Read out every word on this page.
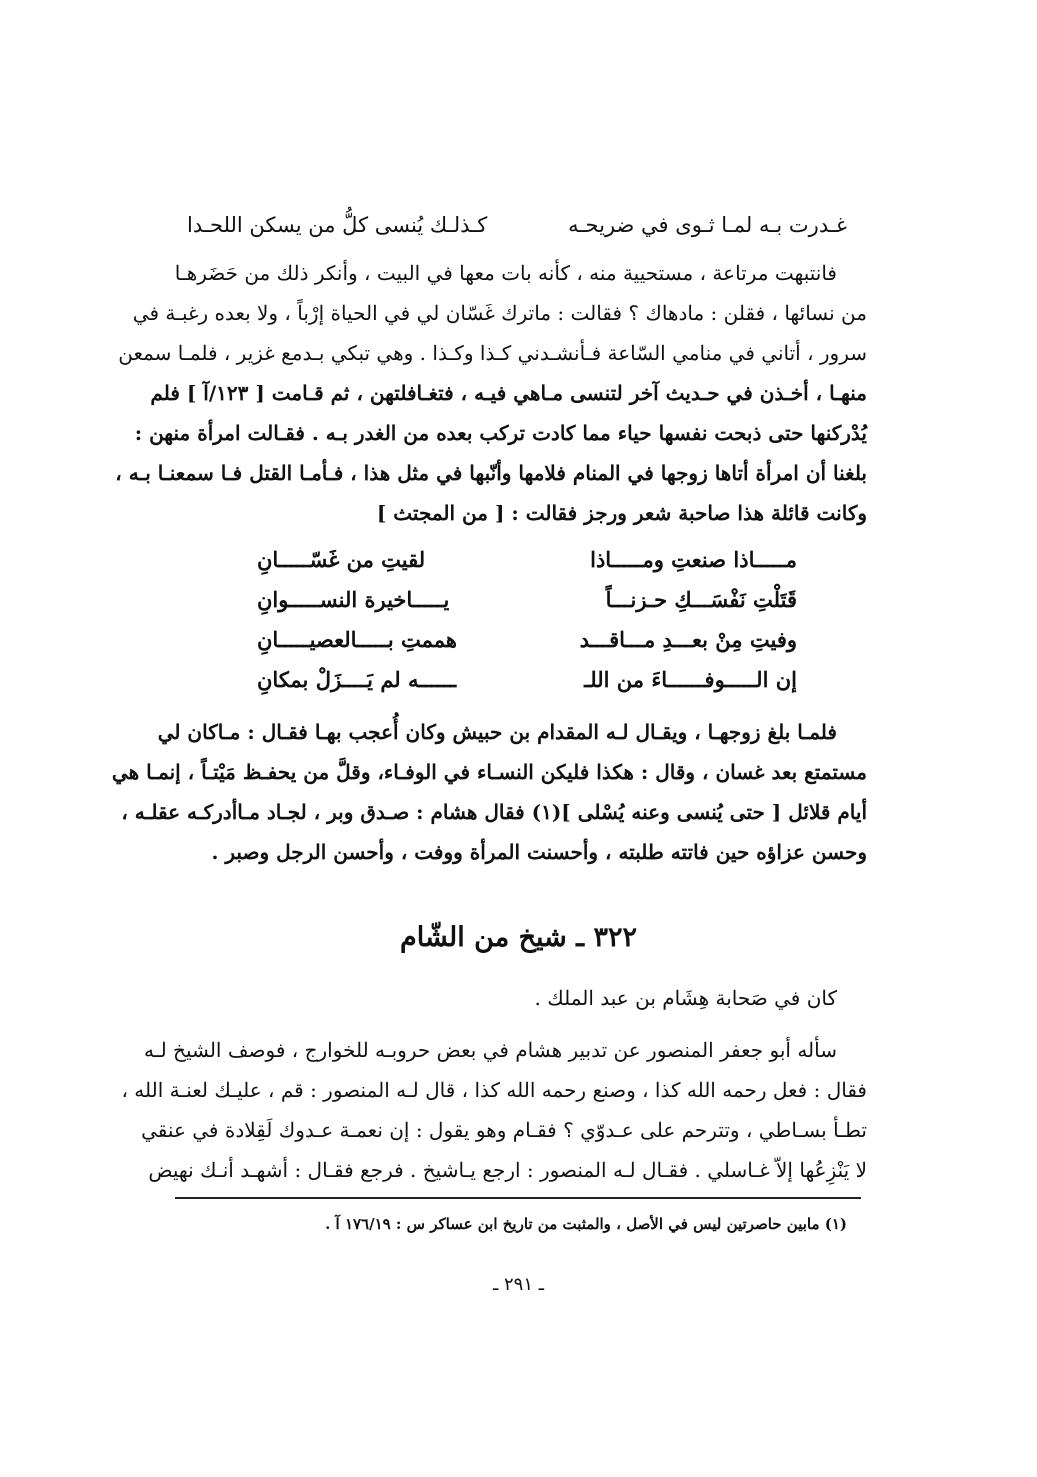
غـدرت بـه لمـا ثـوى في ضريحـه
كـذلـك يُنسى كلُّ من يسكن اللحـدا
فانتبهت مرتاعة ، مستحيية منه ، كأنه بات معها في البيت ، وأنكر ذلك من حَضَرهـا
من نسائها ، فقلن : مادهاك ؟ فقالت : ماترك غَسّان لي في الحياة إرْباً ، ولا بعده رغبـة في
سرور ، أتاني في منامي السّاعة فـأنشـدني كـذا وكـذا . وهي تبكي بـدمع غزير ، فلمـا سمعن
منهـا ، أخـذن في حـديث آخر لتنسى مـاهي فيـه ، فتغـافلتهن ، ثم قـامت [ ١٢٣/آ ] فلم
يُدْركنها حتى ذبحت نفسها حياء مما كادت تركب بعده من الغدر بـه . فقـالت امرأة منهن :
بلغنا أن امرأة أتاها زوجها في المنام فلامها وأنّبها في مثل هذا ، فـأمـا القتل فـا سمعنـا بـه ،
وكانت قائلة هذا صاحبة شعر ورجز فقالت : [ من المجتث ]
مـــــاذا صنعتِ ومـــــاذا
لقيتِ من غَسّـــــانِ
قَتَلْتِ نَفْسَـــكِ حـزنـــاً
يـــــاخيرة النســـــوانِ
وفيتِ مِنْ بعـــدِ مـــاقـــد
هممتِ بـــــالعصيـــــانِ
إن الـــــوفــــــاءَ من اللـ
ــــــه لم يَــــزَلْ بمكانِ
فلمـا بلغ زوجهـا ، ويقـال لـه المقدام بن حبيش وكان أُعجب بهـا فقـال : مـاكان لي
مستمتع بعد غسان ، وقال : هكذا فليكن النسـاء في الوفـاء، وقلَّ من يحفـظ مَيْتـاً ، إنمـا هي
أيام قلائل [ حتى يُنسى وعنه يُسْلى ](١) فقال هشام : صـدق وبر ، لجـاد مـاأدركـه عقلـه ،
وحسن عزاؤه حين فاتته طلبته ، وأحسنت المرأة ووفت ، وأحسن الرجل وصبر .
٣٢٢ ـ شيخ من الشّام
كان في صَحابة هِشَام بن عبد الملك .
سأله أبو جعفر المنصور عن تدبير هشام في بعض حروبـه للخوارج ، فوصف الشيخ لـه
فقال : فعل رحمه الله كذا ، وصنع رحمه الله كذا ، قال لـه المنصور : قم ، عليـك لعنـة الله ،
تطـأ بسـاطي ، وتترحم على عـدوّي ؟ فقـام وهو يقول : إن نعمـة عـدوك لَقِلادة في عنقي
لا يَنْزِعُها إلاّ غـاسلي . فقـال لـه المنصور : ارجع يـاشيخ . فرجع فقـال : أشهـد أنـك نهيض
(١) مابين حاصرتين ليس في الأصل ، والمثبت من تاريخ ابن عساكر س : ١٧٦/١٩ آ .
ـ ٢٩١ ـ
